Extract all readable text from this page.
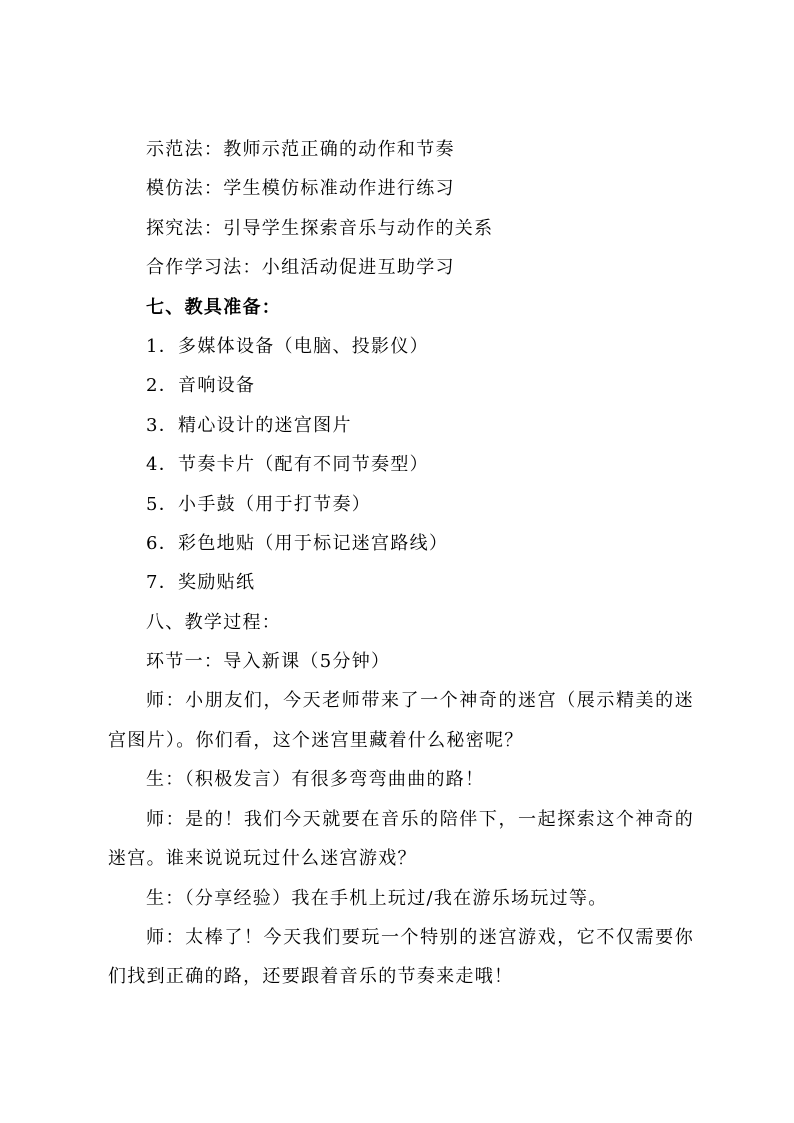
示范法：教师示范正确的动作和节奏
模仿法：学生模仿标准动作进行练习
探究法：引导学生探索音乐与动作的关系
合作学习法：小组活动促进互助学习
七、教具准备：
1．多媒体设备（电脑、投影仪）
2．音响设备
3．精心设计的迷宫图片
4．节奏卡片（配有不同节奏型）
5．小手鼓（用于打节奏）
6．彩色地贴（用于标记迷宫路线）
7．奖励贴纸
八、教学过程：
环节一：导入新课（5分钟）
师：小朋友们，今天老师带来了一个神奇的迷宫（展示精美的迷宫图片）。你们看，这个迷宫里藏着什么秘密呢？
生：（积极发言）有很多弯弯曲曲的路！
师：是的！我们今天就要在音乐的陪伴下，一起探索这个神奇的迷宫。谁来说说玩过什么迷宫游戏？
生：（分享经验）我在手机上玩过/我在游乐场玩过等。
师：太棒了！今天我们要玩一个特别的迷宫游戏，它不仅需要你们找到正确的路，还要跟着音乐的节奏来走哦！
